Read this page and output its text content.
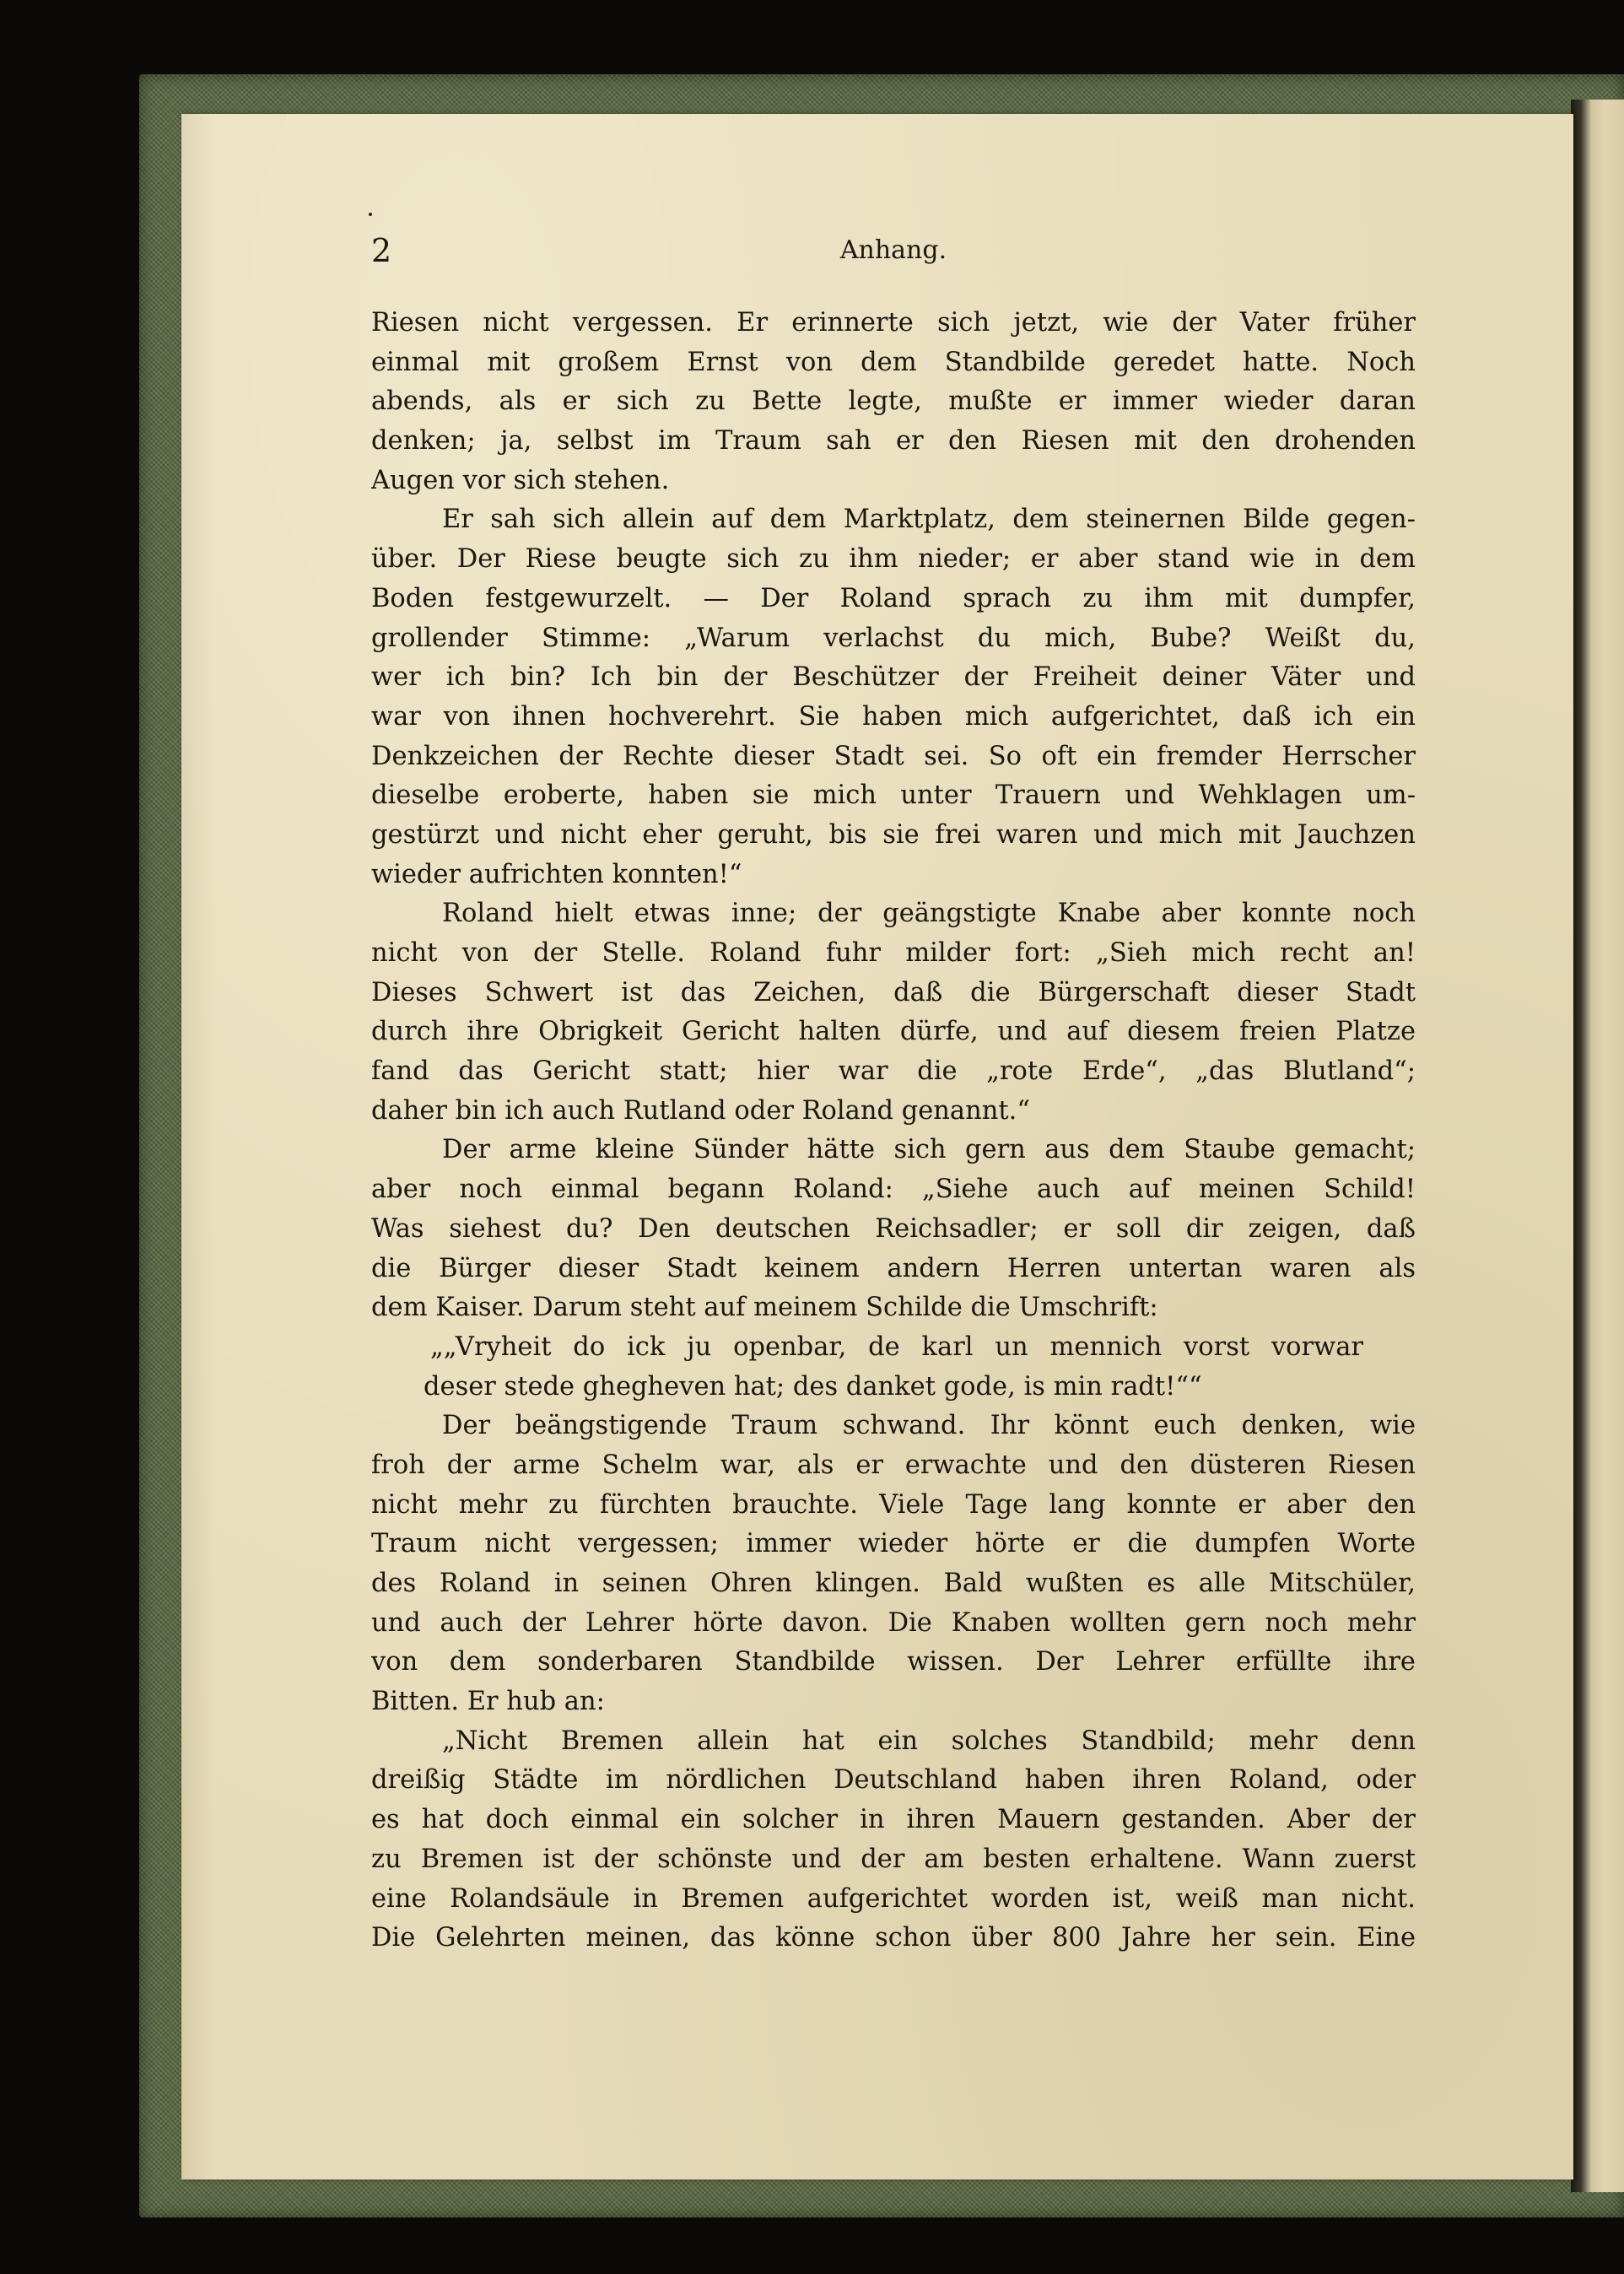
2	Anhang.
Riesen nicht vergessen. Er erinnerte sich jetzt, wie der Vater früher
einmal mit großem Ernst von dem Standbilde geredet hatte. Noch
abends, als er sich zu Bette legte, mußte er immer wieder daran
denken; ja, selbst im Traum sah er den Riesen mit den drohenden
Augen vor sich stehen.
Er sah sich allein auf dem Marktplatz, dem steinernen Bilde gegen-
über. Der Riese beugte sich zu ihm nieder; er aber stand wie in dem
Boden festgewurzelt. — Der Roland sprach zu ihm mit dumpfer,
grollender Stimme: „Warum verlachst du mich, Bube? Weißt du,
wer ich bin? Ich bin der Beschützer der Freiheit deiner Väter und
war von ihnen hochverehrt. Sie haben mich aufgerichtet, daß ich ein
Denkzeichen der Rechte dieser Stadt sei. So oft ein fremder Herrscher
dieselbe eroberte, haben sie mich unter Trauern und Wehklagen um-
gestürzt und nicht eher geruht, bis sie frei waren und mich mit Jauchzen
wieder aufrichten konnten!“
Roland hielt etwas inne; der geängstigte Knabe aber konnte noch
nicht von der Stelle. Roland fuhr milder fort: „Sieh mich recht an!
Dieses Schwert ist das Zeichen, daß die Bürgerschaft dieser Stadt
durch ihre Obrigkeit Gericht halten dürfe, und auf diesem freien Platze
fand das Gericht statt; hier war die „rote Erde“, „das Blutland“;
daher bin ich auch Rutland oder Roland genannt.“
Der arme kleine Sünder hätte sich gern aus dem Staube gemacht;
aber noch einmal begann Roland: „Siehe auch auf meinen Schild!
Was siehest du? Den deutschen Reichsadler; er soll dir zeigen, daß
die Bürger dieser Stadt keinem andern Herren untertan waren als
dem Kaiser. Darum steht auf meinem Schilde die Umschrift:
„„Vryheit do ick ju openbar, de karl un mennich vorst vorwar
deser stede ghegheven hat; des danket gode, is min radt!““
Der beängstigende Traum schwand. Ihr könnt euch denken, wie
froh der arme Schelm war, als er erwachte und den düsteren Riesen
nicht mehr zu fürchten brauchte. Viele Tage lang konnte er aber den
Traum nicht vergessen; immer wieder hörte er die dumpfen Worte
des Roland in seinen Ohren klingen. Bald wußten es alle Mitschüler,
und auch der Lehrer hörte davon. Die Knaben wollten gern noch mehr
von dem sonderbaren Standbilde wissen. Der Lehrer erfüllte ihre
Bitten. Er hub an:
„Nicht Bremen allein hat ein solches Standbild; mehr denn
dreißig Städte im nördlichen Deutschland haben ihren Roland, oder
es hat doch einmal ein solcher in ihren Mauern gestanden. Aber der
zu Bremen ist der schönste und der am besten erhaltene. Wann zuerst
eine Rolandsäule in Bremen aufgerichtet worden ist, weiß man nicht.
Die Gelehrten meinen, das könne schon über 800 Jahre her sein. Eine
